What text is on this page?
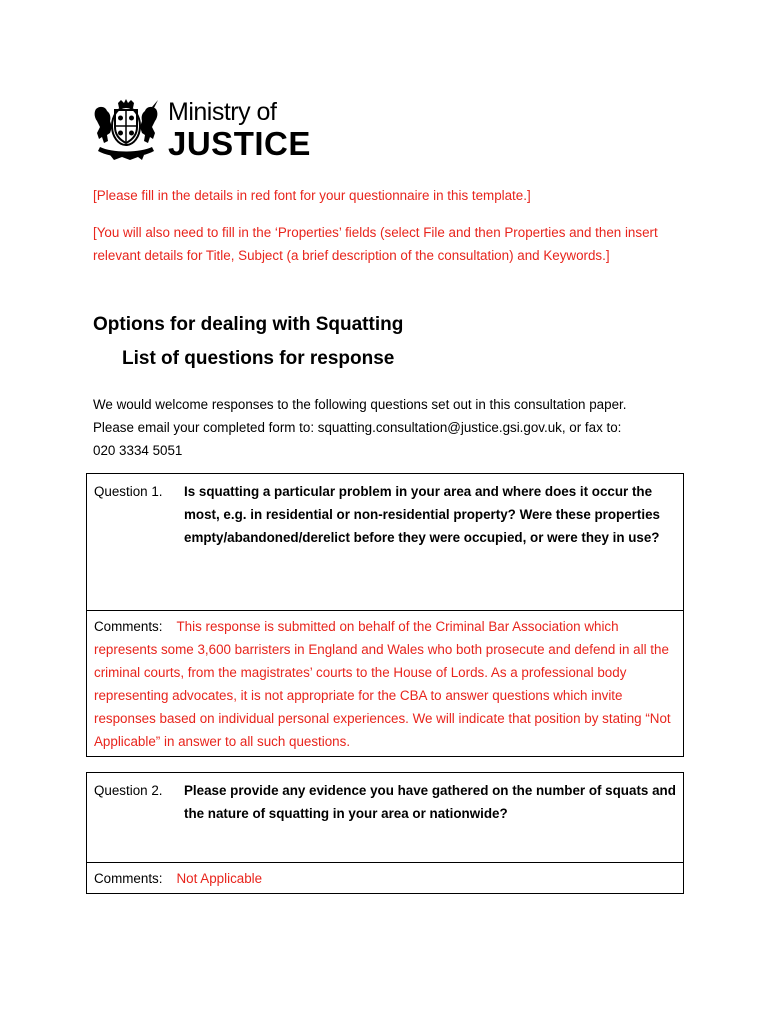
Ministry of
JUSTICE
[Please fill in the details in red font for your questionnaire in this template.]
[You will also need to fill in the ‘Properties’ fields (select File and then Properties and then insert relevant details for Title, Subject (a brief description of the consultation) and Keywords.]
Options for dealing with Squatting
List of questions for response
We would welcome responses to the following questions set out in this consultation paper.
Please email your completed form to: squatting.consultation@justice.gsi.gov.uk, or fax to:
020 3334 5051
Question 1. Is squatting a particular problem in your area and where does it occur the most, e.g. in residential or non-residential property? Were these properties empty/abandoned/derelict before they were occupied, or were they in use?
Comments: This response is submitted on behalf of the Criminal Bar Association which represents some 3,600 barristers in England and Wales who both prosecute and defend in all the criminal courts, from the magistrates’ courts to the House of Lords. As a professional body representing advocates, it is not appropriate for the CBA to answer questions which invite responses based on individual personal experiences. We will indicate that position by stating “Not Applicable” in answer to all such questions.
Question 2. Please provide any evidence you have gathered on the number of squats and the nature of squatting in your area or nationwide?
Comments: Not Applicable
